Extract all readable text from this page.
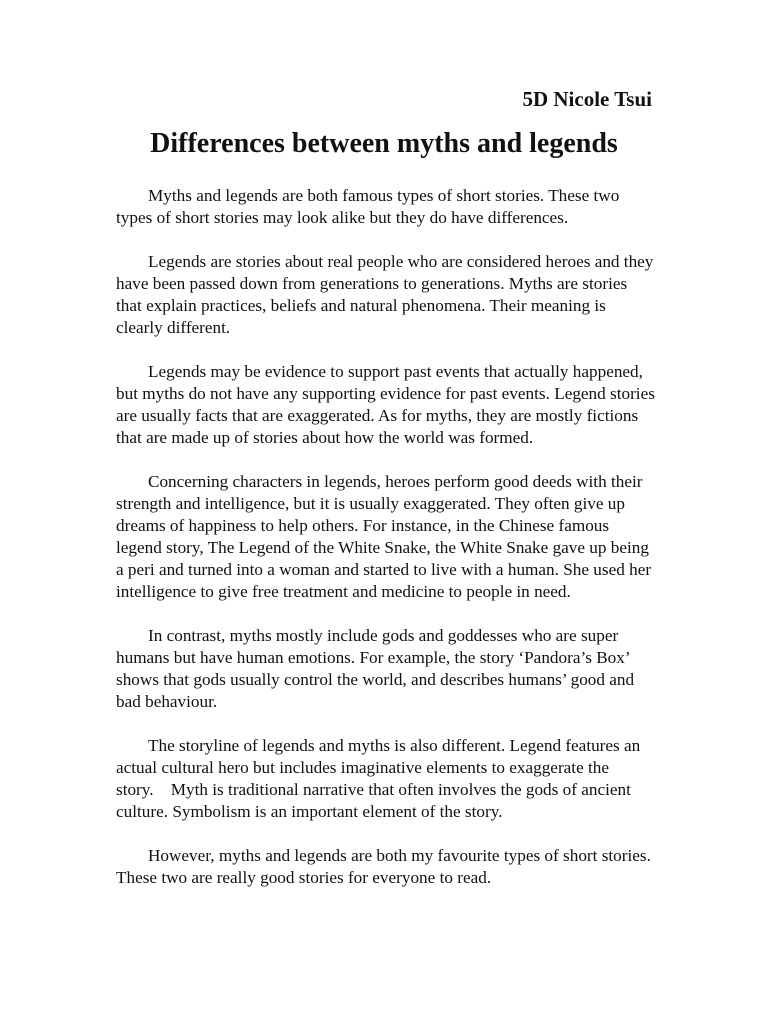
5D Nicole Tsui

Differences between myths and legends

Myths and legends are both famous types of short stories. These two types of short stories may look alike but they do have differences.

Legends are stories about real people who are considered heroes and they have been passed down from generations to generations. Myths are stories that explain practices, beliefs and natural phenomena. Their meaning is clearly different.

Legends may be evidence to support past events that actually happened, but myths do not have any supporting evidence for past events. Legend stories are usually facts that are exaggerated. As for myths, they are mostly fictions that are made up of stories about how the world was formed.

Concerning characters in legends, heroes perform good deeds with their strength and intelligence, but it is usually exaggerated. They often give up dreams of happiness to help others. For instance, in the Chinese famous legend story, The Legend of the White Snake, the White Snake gave up being a peri and turned into a woman and started to live with a human. She used her intelligence to give free treatment and medicine to people in need.

In contrast, myths mostly include gods and goddesses who are super humans but have human emotions. For example, the story ‘Pandora’s Box’ shows that gods usually control the world, and describes humans’ good and bad behaviour.

The storyline of legends and myths is also different. Legend features an actual cultural hero but includes imaginative elements to exaggerate the story.    Myth is traditional narrative that often involves the gods of ancient culture. Symbolism is an important element of the story.

However, myths and legends are both my favourite types of short stories. These two are really good stories for everyone to read.
